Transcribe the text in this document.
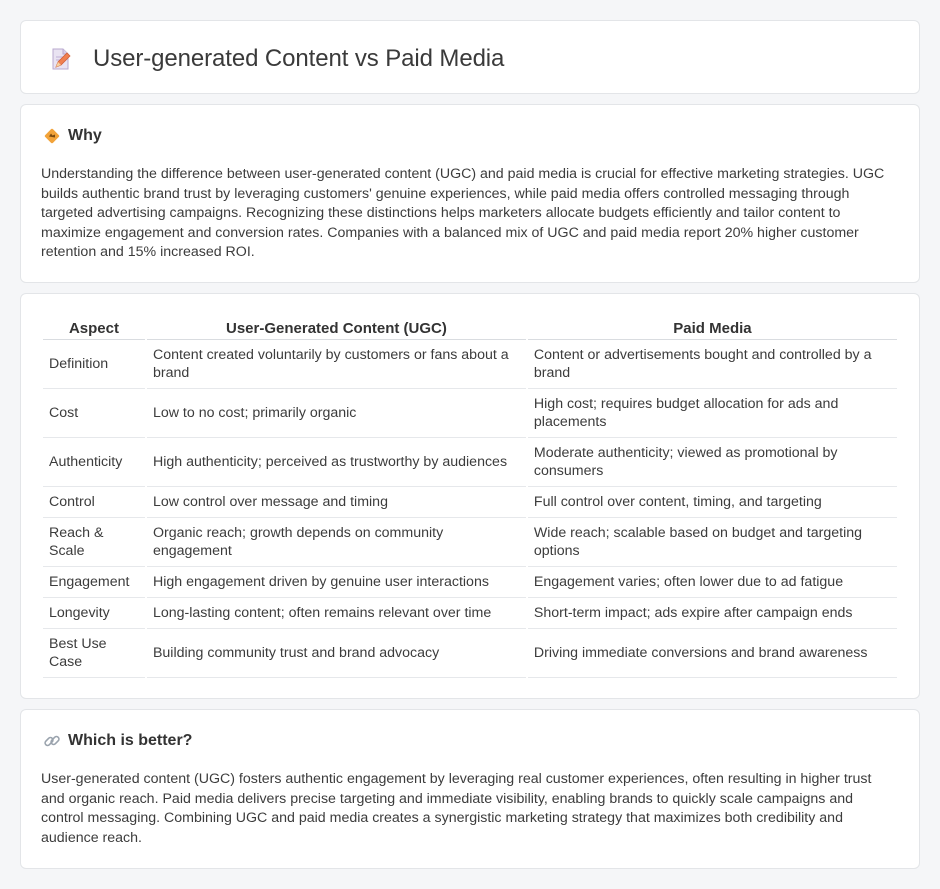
User-generated Content vs Paid Media
Why

Understanding the difference between user-generated content (UGC) and paid media is crucial for effective marketing strategies. UGC builds authentic brand trust by leveraging customers' genuine experiences, while paid media offers controlled messaging through targeted advertising campaigns. Recognizing these distinctions helps marketers allocate budgets efficiently and tailor content to maximize engagement and conversion rates. Companies with a balanced mix of UGC and paid media report 20% higher customer retention and 15% increased ROI.

Aspect	User-Generated Content (UGC)	Paid Media
Definition	Content created voluntarily by customers or fans about a brand	Content or advertisements bought and controlled by a brand
Cost	Low to no cost; primarily organic	High cost; requires budget allocation for ads and placements
Authenticity	High authenticity; perceived as trustworthy by audiences	Moderate authenticity; viewed as promotional by consumers
Control	Low control over message and timing	Full control over content, timing, and targeting
Reach & Scale	Organic reach; growth depends on community engagement	Wide reach; scalable based on budget and targeting options
Engagement	High engagement driven by genuine user interactions	Engagement varies; often lower due to ad fatigue
Longevity	Long-lasting content; often remains relevant over time	Short-term impact; ads expire after campaign ends
Best Use Case	Building community trust and brand advocacy	Driving immediate conversions and brand awareness
Which is better?

User-generated content (UGC) fosters authentic engagement by leveraging real customer experiences, often resulting in higher trust and organic reach. Paid media delivers precise targeting and immediate visibility, enabling brands to quickly scale campaigns and control messaging. Combining UGC and paid media creates a synergistic marketing strategy that maximizes both credibility and audience reach.
